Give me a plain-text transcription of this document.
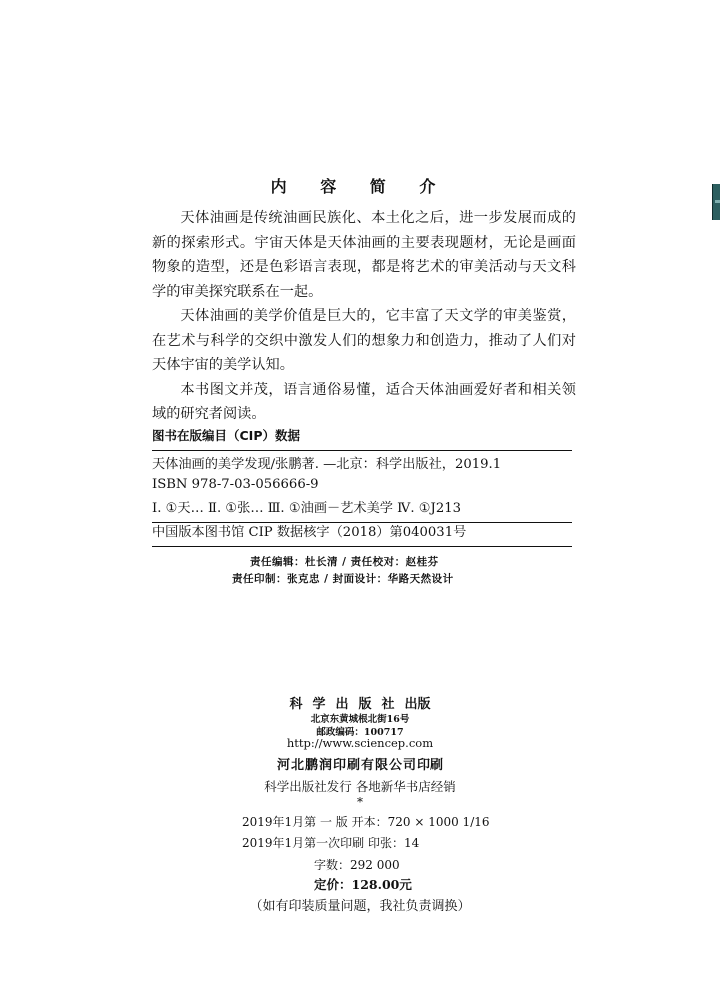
内 容 简 介

天体油画是传统油画民族化、本土化之后，进一步发展而成的新的探索形式。宇宙天体是天体油画的主要表现题材，无论是画面物象的造型，还是色彩语言表现，都是将艺术的审美活动与天文科学的审美探究联系在一起。

天体油画的美学价值是巨大的，它丰富了天文学的审美鉴赏，在艺术与科学的交织中激发人们的想象力和创造力，推动了人们对天体宇宙的美学认知。

本书图文并茂，语言通俗易懂，适合天体油画爱好者和相关领域的研究者阅读。

图书在版编目（CIP）数据
天体油画的美学发现/张鹏著. —北京：科学出版社，2019.1
ISBN 978-7-03-056666-9
Ⅰ. ①天… Ⅱ. ①张… Ⅲ. ①油画－艺术美学 Ⅳ. ①J213
中国版本图书馆 CIP 数据核字（2018）第040031号
责任编辑：杜长清 / 责任校对：赵桂芬
责任印制：张克忠 / 封面设计：华路天然设计
科学出版社出版
北京东黄城根北街16号
邮政编码：100717
http://www.sciencep.com
河北鹏润印刷有限公司印刷
科学出版社发行 各地新华书店经销
*
2019年1月第 一 版 开本：720 × 1000 1/16
2019年1月第一次印刷 印张：14
字数：292 000
定价：128.00元
（如有印装质量问题，我社负责调换）
